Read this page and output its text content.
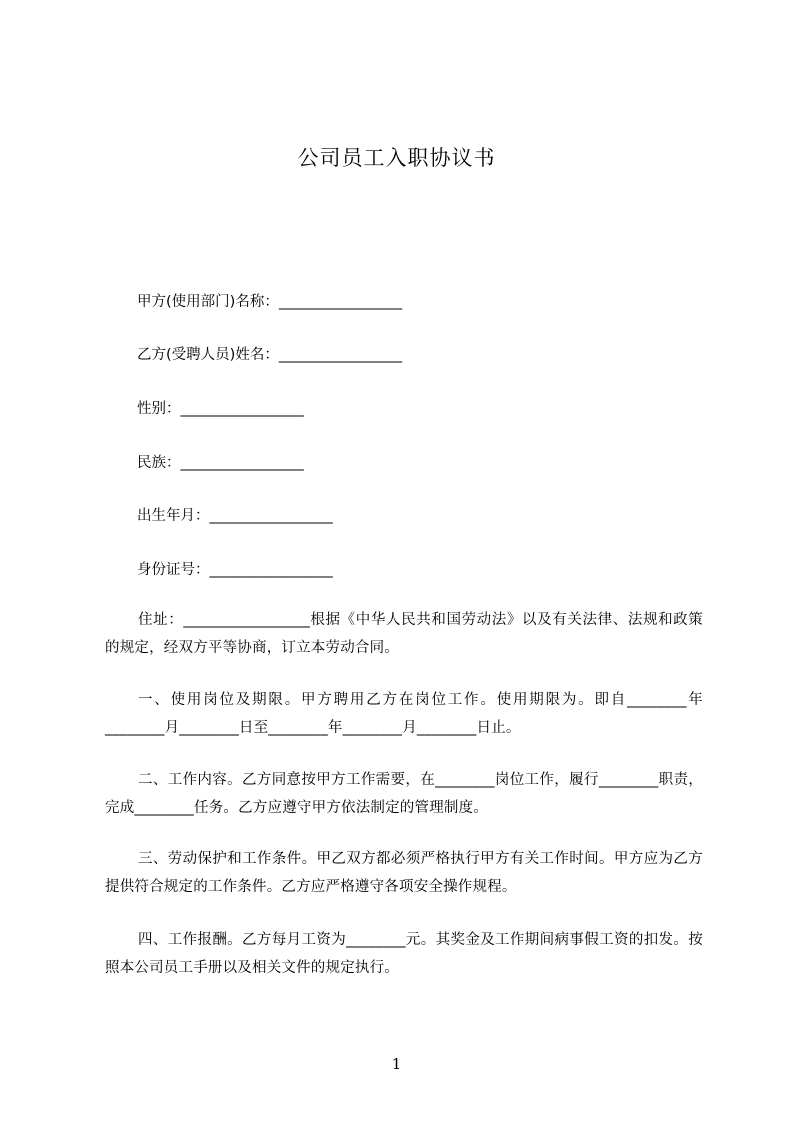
公司员工入职协议书
甲方(使用部门)名称：_________________
乙方(受聘人员)姓名：_________________
性别：_________________
民族：_________________
出生年月：_________________
身份证号：_________________
住址：_________________根据《中华人民共和国劳动法》以及有关法律、法规和政策的规定，经双方平等协商，订立本劳动合同。
一、使用岗位及期限。甲方聘用乙方在岗位工作。使用期限为。即自________年________月________日至________年________月________日止。
二、工作内容。乙方同意按甲方工作需要，在________岗位工作，履行________职责，完成________任务。乙方应遵守甲方依法制定的管理制度。
三、劳动保护和工作条件。甲乙双方都必须严格执行甲方有关工作时间。甲方应为乙方提供符合规定的工作条件。乙方应严格遵守各项安全操作规程。
四、工作报酬。乙方每月工资为________元。其奖金及工作期间病事假工资的扣发。按照本公司员工手册以及相关文件的规定执行。
1
